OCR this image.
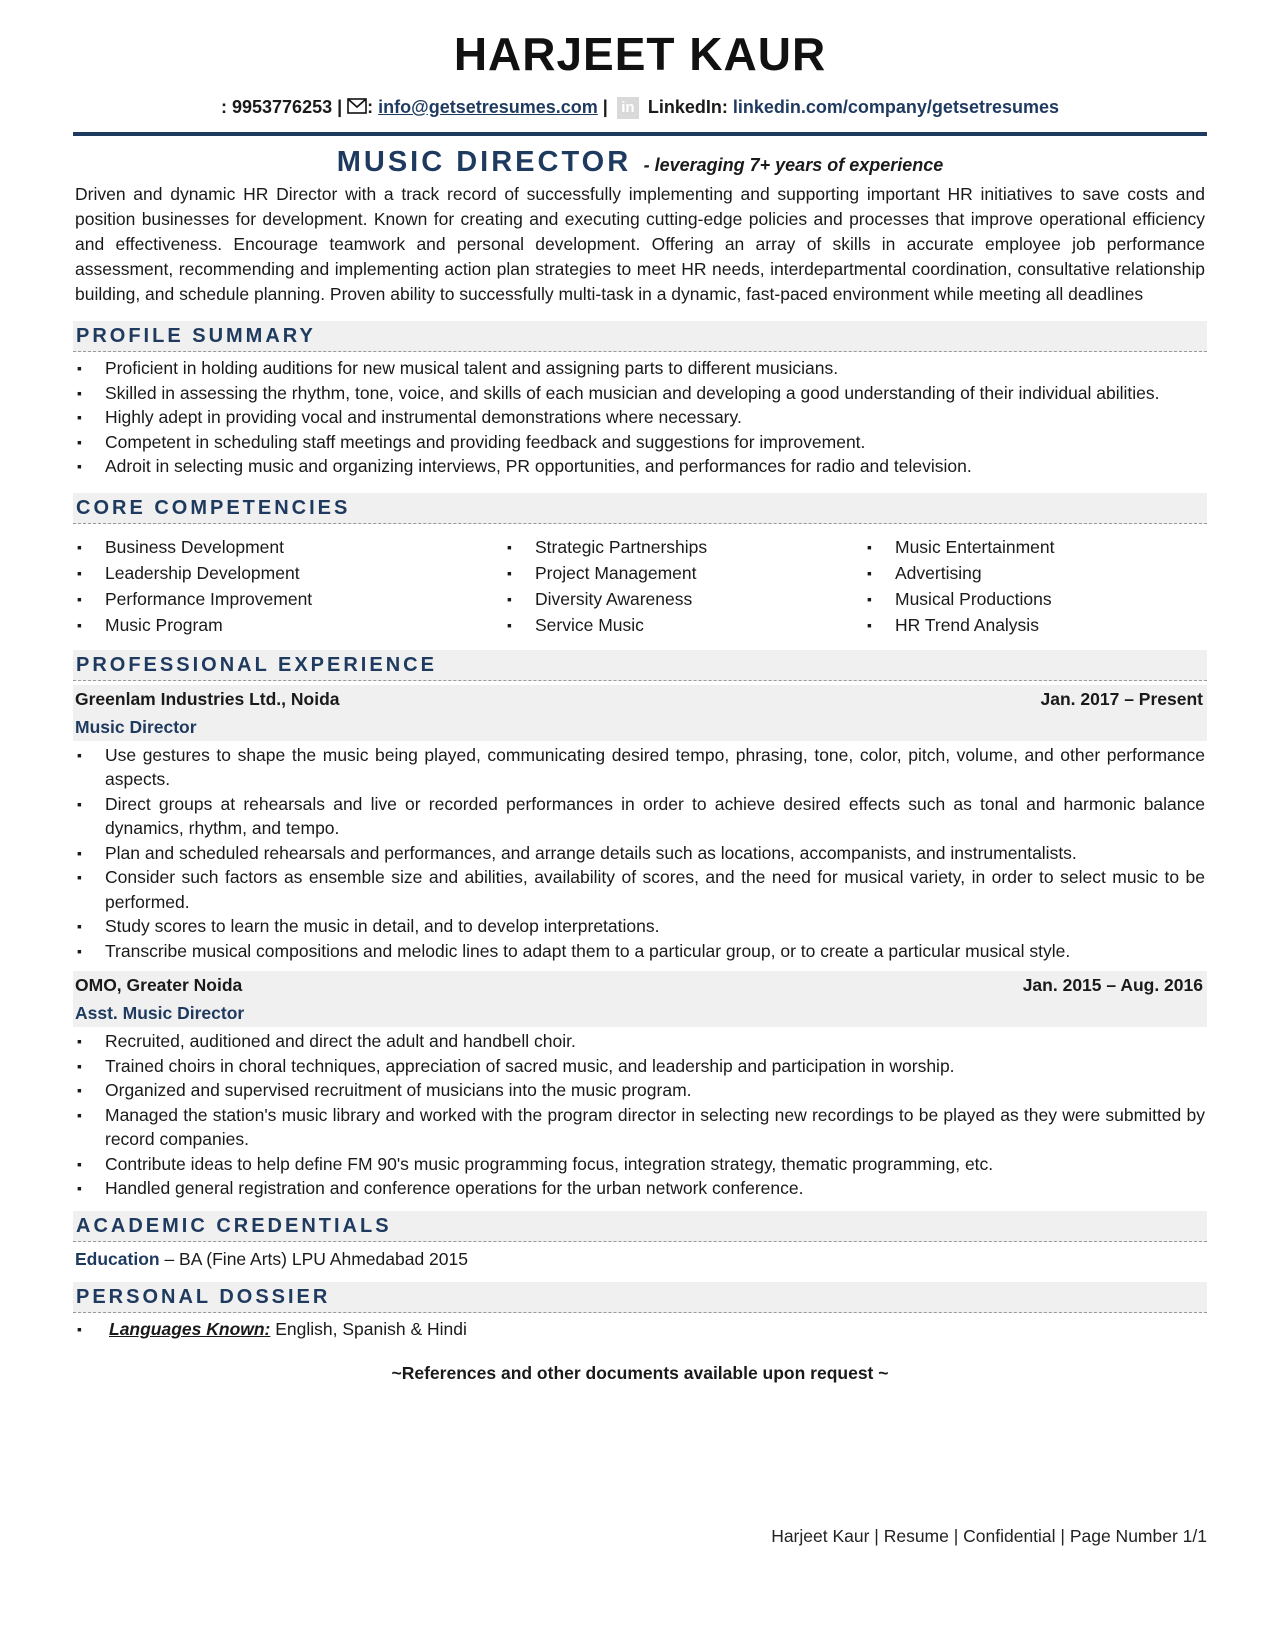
HARJEET KAUR
: 9953776253 | : info@getsetresumes.com | in LinkedIn: linkedin.com/company/getsetresumes
MUSIC DIRECTOR - leveraging 7+ years of experience
Driven and dynamic HR Director with a track record of successfully implementing and supporting important HR initiatives to save costs and position businesses for development. Known for creating and executing cutting-edge policies and processes that improve operational efficiency and effectiveness. Encourage teamwork and personal development. Offering an array of skills in accurate employee job performance assessment, recommending and implementing action plan strategies to meet HR needs, interdepartmental coordination, consultative relationship building, and schedule planning. Proven ability to successfully multi-task in a dynamic, fast-paced environment while meeting all deadlines
PROFILE SUMMARY
▪ Proficient in holding auditions for new musical talent and assigning parts to different musicians.
▪ Skilled in assessing the rhythm, tone, voice, and skills of each musician and developing a good understanding of their individual abilities.
▪ Highly adept in providing vocal and instrumental demonstrations where necessary.
▪ Competent in scheduling staff meetings and providing feedback and suggestions for improvement.
▪ Adroit in selecting music and organizing interviews, PR opportunities, and performances for radio and television.
CORE COMPETENCIES
▪ Business Development	▪ Strategic Partnerships	▪ Music Entertainment
▪ Leadership Development	▪ Project Management	▪ Advertising
▪ Performance Improvement	▪ Diversity Awareness	▪ Musical Productions
▪ Music Program	▪ Service Music	▪ HR Trend Analysis
PROFESSIONAL EXPERIENCE
Greenlam Industries Ltd., Noida	Jan. 2017 – Present
Music Director
▪ Use gestures to shape the music being played, communicating desired tempo, phrasing, tone, color, pitch, volume, and other performance aspects.
▪ Direct groups at rehearsals and live or recorded performances in order to achieve desired effects such as tonal and harmonic balance dynamics, rhythm, and tempo.
▪ Plan and scheduled rehearsals and performances, and arrange details such as locations, accompanists, and instrumentalists.
▪ Consider such factors as ensemble size and abilities, availability of scores, and the need for musical variety, in order to select music to be performed.
▪ Study scores to learn the music in detail, and to develop interpretations.
▪ Transcribe musical compositions and melodic lines to adapt them to a particular group, or to create a particular musical style.
OMO, Greater Noida	Jan. 2015 – Aug. 2016
Asst. Music Director
▪ Recruited, auditioned and direct the adult and handbell choir.
▪ Trained choirs in choral techniques, appreciation of sacred music, and leadership and participation in worship.
▪ Organized and supervised recruitment of musicians into the music program.
▪ Managed the station's music library and worked with the program director in selecting new recordings to be played as they were submitted by record companies.
▪ Contribute ideas to help define FM 90's music programming focus, integration strategy, thematic programming, etc.
▪ Handled general registration and conference operations for the urban network conference.
ACADEMIC CREDENTIALS
Education – BA (Fine Arts) LPU Ahmedabad 2015
PERSONAL DOSSIER
▪ Languages Known: English, Spanish & Hindi
~References and other documents available upon request ~
Harjeet Kaur | Resume | Confidential | Page Number 1/1
